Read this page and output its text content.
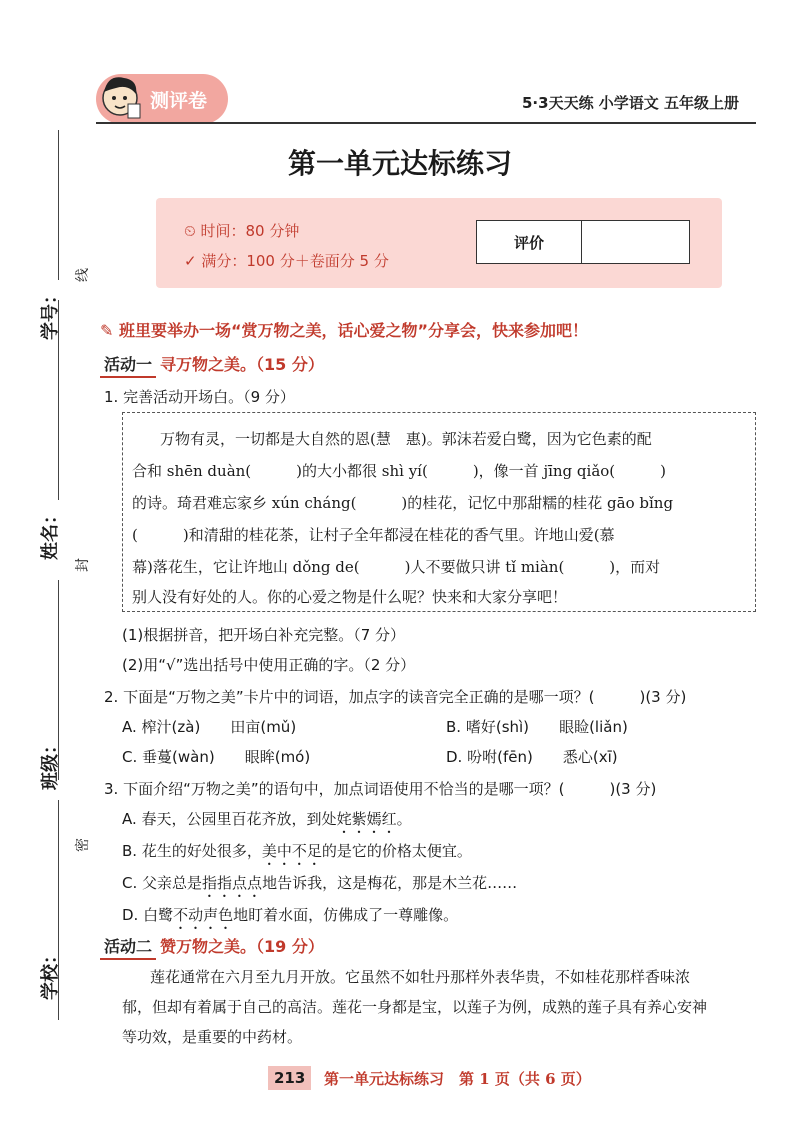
测评卷	5·3天天练 小学语文 五年级上册
第一单元达标练习
⏲ 时间：80 分钟
✓ 满分：100 分＋卷面分 5 分
评价
学号：
姓名：
班级：
学校：
线
封
密
✎ 班里要举办一场“赏万物之美，话心爱之物”分享会，快来参加吧！
活动一 寻万物之美。（15 分）
1. 完善活动开场白。（9 分）
万物有灵，一切都是大自然的恩(慧　惠)。郭沫若爱白鹭，因为它色素的配
合和 shēn duàn(　　　)的大小都很 shì yí(　　　)，像一首 jīng qiǎo(　　　)
的诗。琦君难忘家乡 xún cháng(　　　)的桂花，记忆中那甜糯的桂花 gāo bǐng
(　　　)和清甜的桂花茶，让村子全年都浸在桂花的香气里。许地山爱(慕
幕)落花生，它让许地山 dǒng de(　　　)人不要做只讲 tǐ miàn(　　　)，而对
别人没有好处的人。你的心爱之物是什么呢？快来和大家分享吧！
(1)根据拼音，把开场白补充完整。（7 分）
(2)用“√”选出括号中使用正确的字。（2 分）
2. 下面是“万物之美”卡片中的词语，加点字的读音完全正确的是哪一项？(　　　)(3 分)
A. 榨汁(zà)　　 田亩(mǔ)	B. 嗜好(shì)　　 眼睑(liǎn)
C. 垂蔓(wàn)　　 眼眸(mó)	D. 吩咐(fēn)　　 悉心(xī)
3. 下面介绍“万物之美”的语句中，加点词语使用不恰当的是哪一项？(　　　)(3 分)
A. 春天，公园里百花齐放，到处姹紫嫣红。
B. 花生的好处很多，美中不足的是它的价格太便宜。
C. 父亲总是指指点点地告诉我，这是梅花，那是木兰花……
D. 白鹭不动声色地盯着水面，仿佛成了一尊雕像。
活动二 赞万物之美。（19 分）
莲花通常在六月至九月开放。它虽然不如牡丹那样外表华贵，不如桂花那样香味浓
郁，但却有着属于自己的高洁。莲花一身都是宝，以莲子为例，成熟的莲子具有养心安神
等功效，是重要的中药材。
213	第一单元达标练习　第 1 页（共 6 页）
